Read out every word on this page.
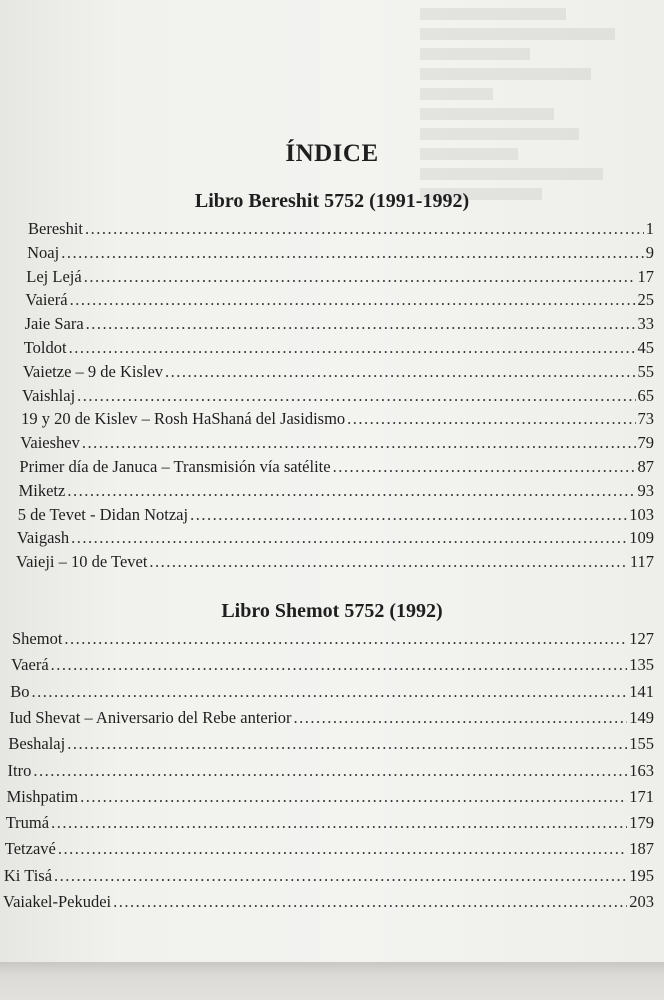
ÍNDICE
Libro Bereshit 5752 (1991-1992)
Bereshit .....	1
Noaj .....	9
Lej Lejá .....	17
Vaierá .....	25
Jaie Sara .....	33
Toldot .....	45
Vaietze – 9 de Kislev .....	55
Vaishlaj .....	65
19 y 20 de Kislev – Rosh HaShaná del Jasidismo .....	73
Vaieshev .....	79
Primer día de Januca – Transmisión vía satélite .....	87
Miketz .....	93
5 de Tevet - Didan Notzaj .....	103
Vaigash .....	109
Vaieji – 10 de Tevet .....	117
Libro Shemot 5752 (1992)
Shemot .....	127
Vaerá .....	135
Bo .....	141
Iud Shevat – Aniversario del Rebe anterior .....	149
Beshalaj .....	155
Itro .....	163
Mishpatim .....	171
Trumá .....	179
Tetzavé .....	187
Ki Tisá .....	195
Vaiakel-Pekudei .....	203
